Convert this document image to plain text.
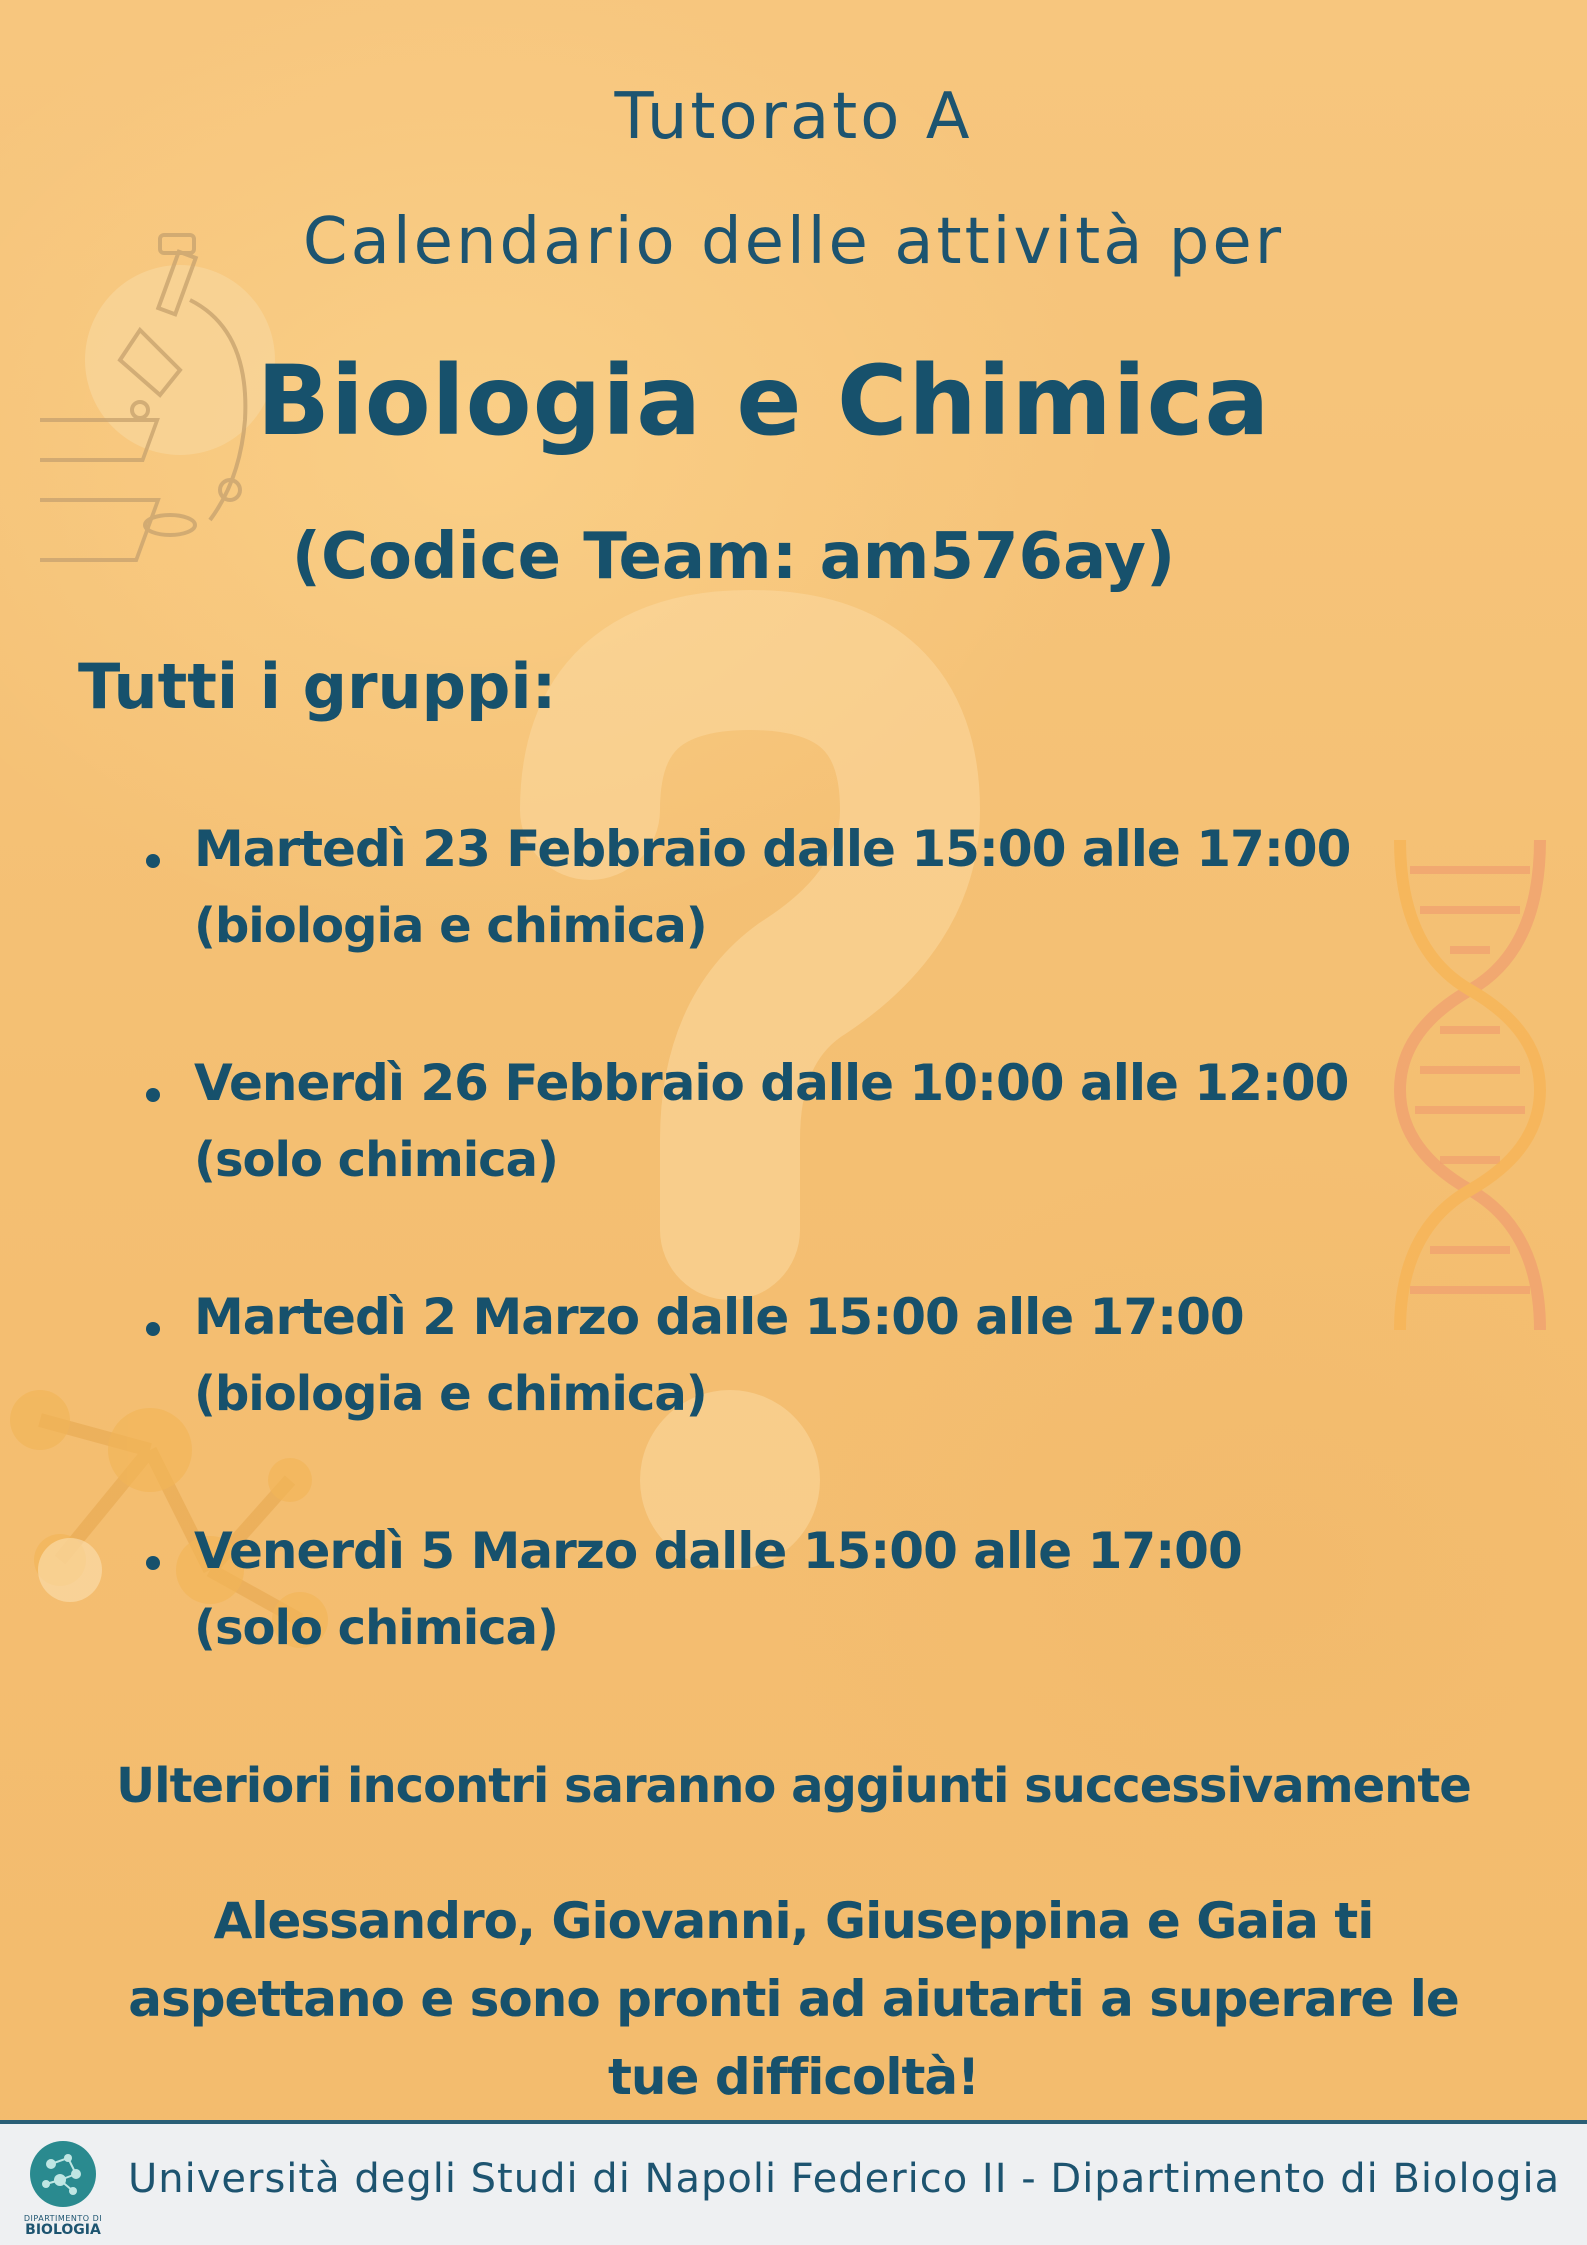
Tutorato A
Calendario delle attività per
Biologia e Chimica
(Codice Team: am576ay)
Tutti i gruppi:
Martedì 23 Febbraio dalle 15:00 alle 17:00
(biologia e chimica)
Venerdì 26 Febbraio dalle 10:00 alle 12:00
(solo chimica)
Martedì 2 Marzo dalle 15:00 alle 17:00
(biologia e chimica)
Venerdì 5 Marzo dalle 15:00 alle 17:00
(solo chimica)
Ulteriori incontri saranno aggiunti successivamente
Alessandro, Giovanni, Giuseppina e Gaia ti aspettano e sono pronti ad aiutarti a superare le tue difficoltà!
DIPARTIMENTO DI
BIOLOGIA
Università degli Studi di Napoli Federico II - Dipartimento di Biologia
